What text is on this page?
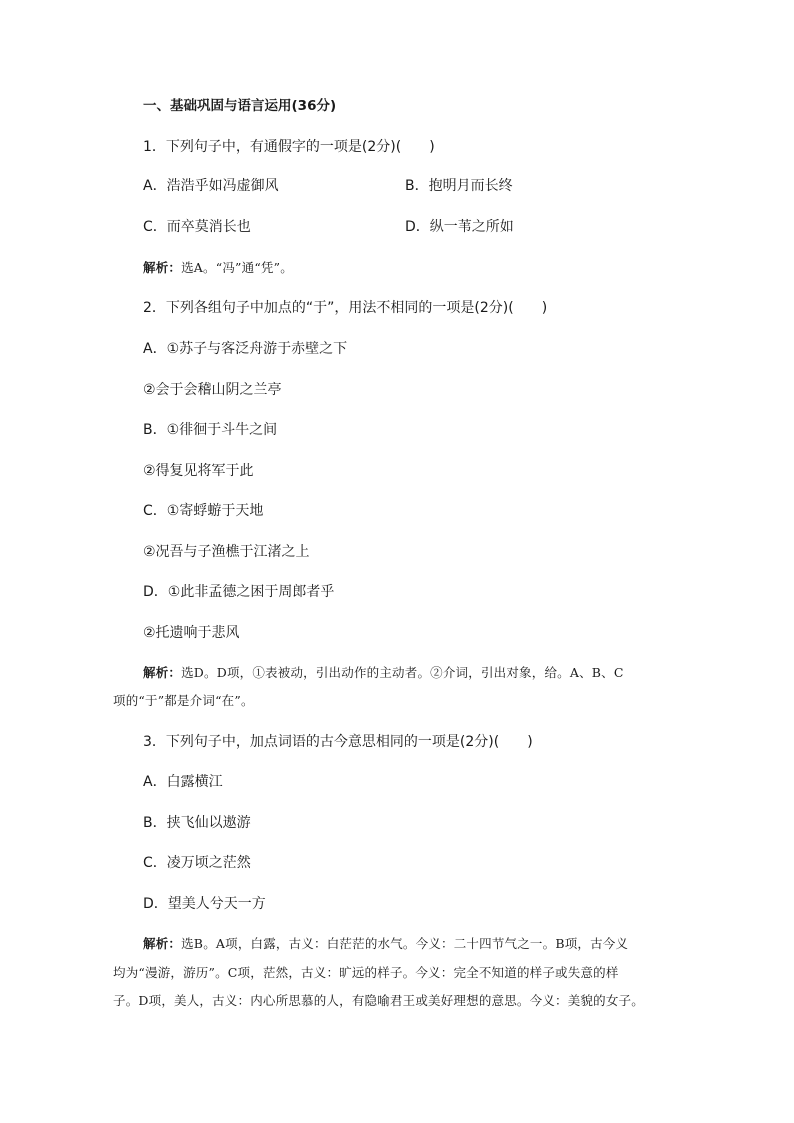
一、基础巩固与语言运用(36分)
1．下列句子中，有通假字的一项是(2分)(　　)
A．浩浩乎如冯虚御风	B．抱明月而长终
C．而卒莫消长也	D．纵一苇之所如
解析：选A。“冯”通“凭”。
2．下列各组句子中加点的“于”，用法不相同的一项是(2分)(　　)
A．①苏子与客泛舟游于赤壁之下
②会于会稽山阴之兰亭
B．①徘徊于斗牛之间
②得复见将军于此
C．①寄蜉蝣于天地
②况吾与子渔樵于江渚之上
D．①此非孟德之困于周郎者乎
②托遗响于悲风
解析：选D。D项，①表被动，引出动作的主动者。②介词，引出对象，给。A、B、C
项的“于”都是介词“在”。
3．下列句子中，加点词语的古今意思相同的一项是(2分)(　　)
A．白露横江
B．挟飞仙以遨游
C．凌万顷之茫然
D．望美人兮天一方
解析：选B。A项，白露，古义：白茫茫的水气。今义：二十四节气之一。B项，古今义
均为“漫游，游历”。C项，茫然，古义：旷远的样子。今义：完全不知道的样子或失意的样
子。D项，美人，古义：内心所思慕的人，有隐喻君王或美好理想的意思。今义：美貌的女子。
